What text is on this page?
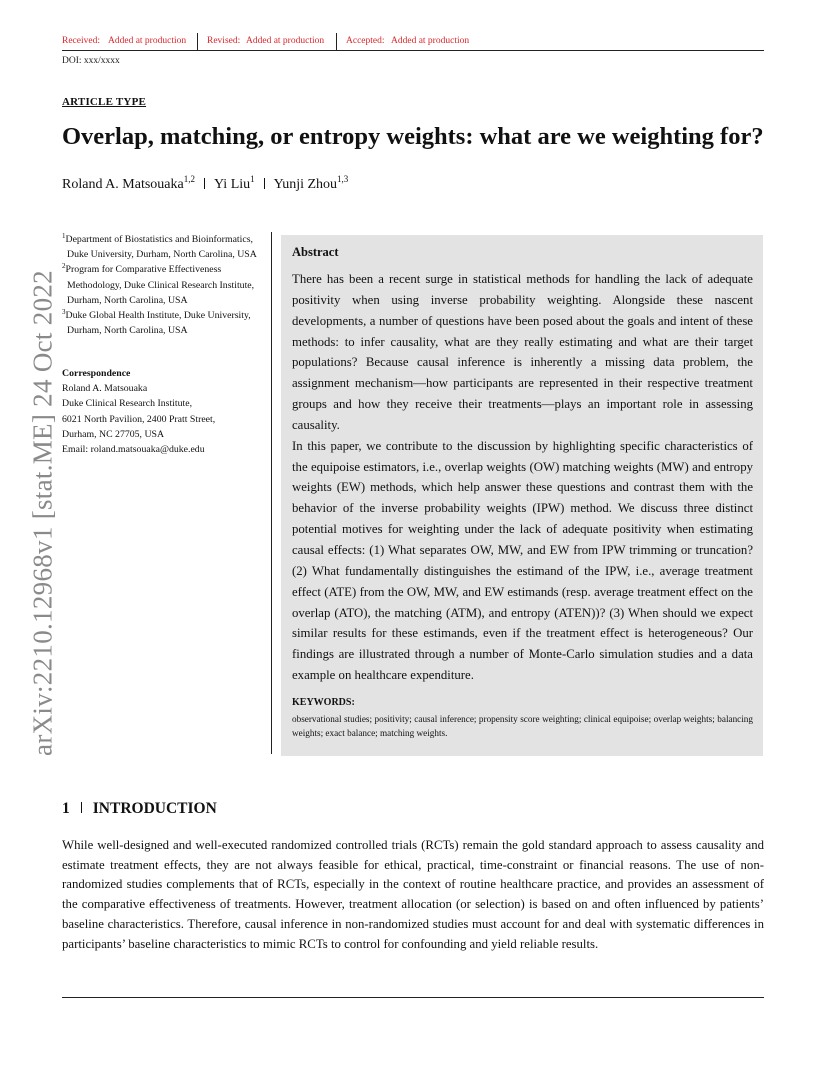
Received: Added at production Revised: Added at production Accepted: Added at production
DOI: xxx/xxxx
arXiv:2210.12968v1 [stat.ME] 24 Oct 2022
ARTICLE TYPE
Overlap, matching, or entropy weights: what are we weighting for?
Roland A. Matsouaka$^{1,2}$ Yi Liu$^1$ Yunji Zhou$^{1,3}$
$^1$Department of Biostatistics and Bioinformatics, Duke University, Durham, North Carolina, USA
$^2$Program for Comparative Effectiveness Methodology, Duke Clinical Research Institute, Durham, North Carolina, USA
$^3$Duke Global Health Institute, Duke University, Durham, North Carolina, USA
Correspondence
Roland A. Matsouaka
Duke Clinical Research Institute,
6021 North Pavilion, 2400 Pratt Street,
Durham, NC 27705, USA
Email: roland.matsouaka@duke.edu
Abstract

There has been a recent surge in statistical methods for handling the lack of adequate positivity when using inverse probability weighting. Alongside these nascent developments, a number of questions have been posed about the goals and intent of these methods: to infer causality, what are they really estimating and what are their target populations? Because causal inference is inherently a missing data problem, the assignment mechanism—how participants are represented in their respective treatment groups and how they receive their treatments—plays an important role in assessing causality.

In this paper, we contribute to the discussion by highlighting specific characteristics of the equipoise estimators, i.e., overlap weights (OW) matching weights (MW) and entropy weights (EW) methods, which help answer these questions and contrast them with the behavior of the inverse probability weights (IPW) method. We discuss three distinct potential motives for weighting under the lack of adequate positivity when estimating causal effects: (1) What separates OW, MW, and EW from IPW trimming or truncation? (2) What fundamentally distinguishes the estimand of the IPW, i.e., average treatment effect (ATE) from the OW, MW, and EW estimands (resp. average treatment effect on the overlap (ATO), the matching (ATM), and entropy (ATEN))? (3) When should we expect similar results for these estimands, even if the treatment effect is heterogeneous? Our findings are illustrated through a number of Monte-Carlo simulation studies and a data example on healthcare expenditure.

KEYWORDS:
observational studies; positivity; causal inference; propensity score weighting; clinical equipoise; overlap weights; balancing weights; exact balance; matching weights.
1 INTRODUCTION
While well-designed and well-executed randomized controlled trials (RCTs) remain the gold standard approach to assess causality and estimate treatment effects, they are not always feasible for ethical, practical, time-constraint or financial reasons. The use of non-randomized studies complements that of RCTs, especially in the context of routine healthcare practice, and provides an assessment of the comparative effectiveness of treatments. However, treatment allocation (or selection) is based on and often influenced by patients’ baseline characteristics. Therefore, causal inference in non-randomized studies must account for and deal with systematic differences in participants’ baseline characteristics to mimic RCTs to control for confounding and yield reliable results.
